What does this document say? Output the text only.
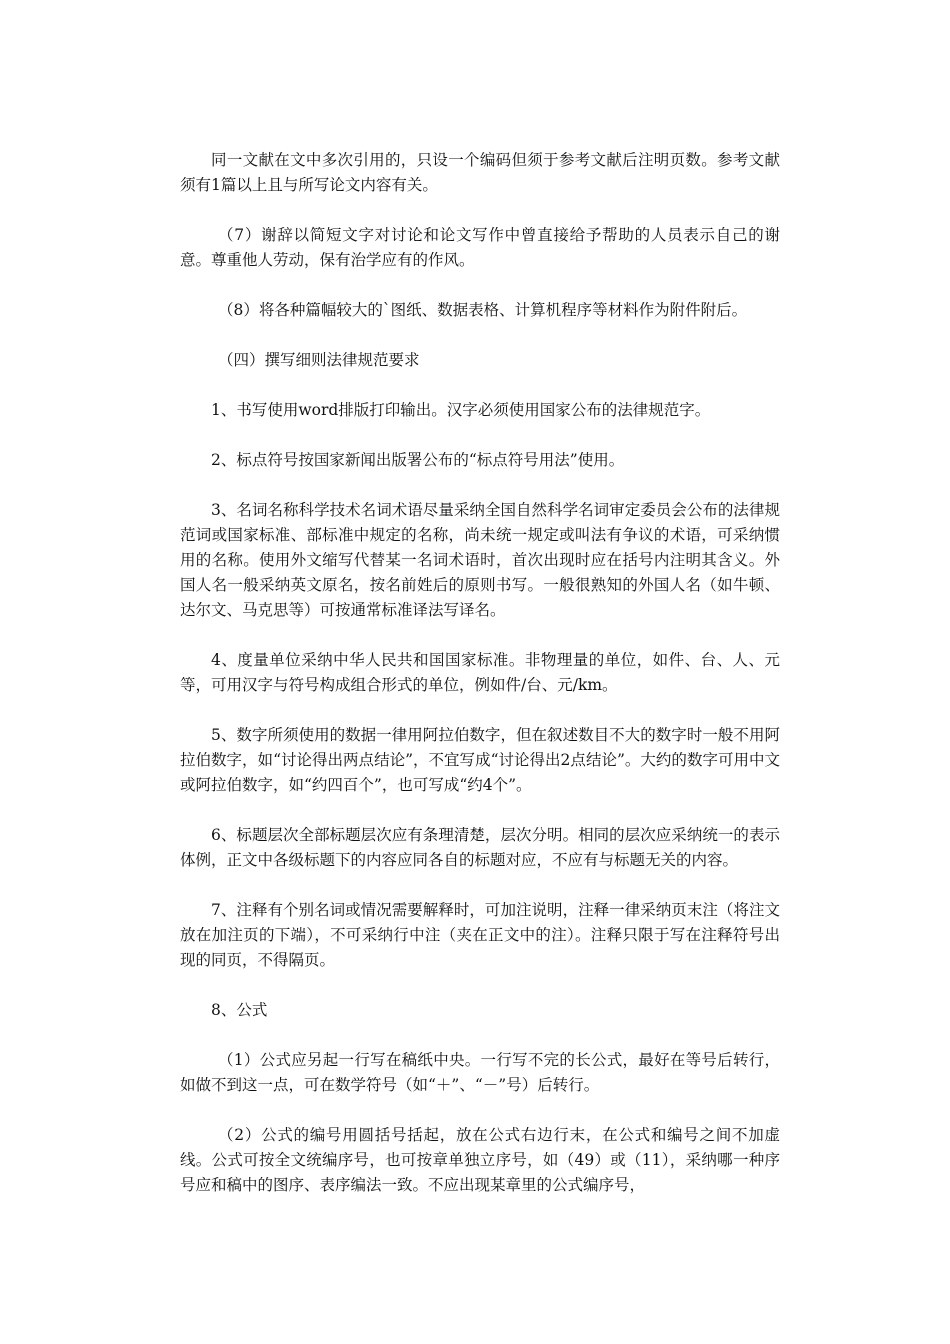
同一文献在文中多次引用的，只设一个编码但须于参考文献后注明页数。参考文献须有1篇以上且与所写论文内容有关。

（7）谢辞以简短文字对讨论和论文写作中曾直接给予帮助的人员表示自己的谢意。尊重他人劳动，保有治学应有的作风。

（8）将各种篇幅较大的`图纸、数据表格、计算机程序等材料作为附件附后。

（四）撰写细则法律规范要求

1、书写使用word排版打印输出。汉字必须使用国家公布的法律规范字。

2、标点符号按国家新闻出版署公布的“标点符号用法”使用。

3、名词名称科学技术名词术语尽量采纳全国自然科学名词审定委员会公布的法律规范词或国家标准、部标准中规定的名称，尚未统一规定或叫法有争议的术语，可采纳惯用的名称。使用外文缩写代替某一名词术语时，首次出现时应在括号内注明其含义。外国人名一般采纳英文原名，按名前姓后的原则书写。一般很熟知的外国人名（如牛顿、达尔文、马克思等）可按通常标准译法写译名。

4、度量单位采纳中华人民共和国国家标准。非物理量的单位，如件、台、人、元等，可用汉字与符号构成组合形式的单位，例如件/台、元/km。

5、数字所须使用的数据一律用阿拉伯数字，但在叙述数目不大的数字时一般不用阿拉伯数字，如“讨论得出两点结论”，不宜写成“讨论得出2点结论”。大约的数字可用中文或阿拉伯数字，如“约四百个”，也可写成“约4个”。

6、标题层次全部标题层次应有条理清楚，层次分明。相同的层次应采纳统一的表示体例，正文中各级标题下的内容应同各自的标题对应，不应有与标题无关的内容。

7、注释有个别名词或情况需要解释时，可加注说明，注释一律采纳页末注（将注文放在加注页的下端），不可采纳行中注（夹在正文中的注）。注释只限于写在注释符号出现的同页，不得隔页。

8、公式

（1）公式应另起一行写在稿纸中央。一行写不完的长公式，最好在等号后转行，如做不到这一点，可在数学符号（如“＋”、“－”号）后转行。

（2）公式的编号用圆括号括起，放在公式右边行末，在公式和编号之间不加虚线。公式可按全文统编序号，也可按章单独立序号，如（49）或（11），采纳哪一种序号应和稿中的图序、表序编法一致。不应出现某章里的公式编序号，
